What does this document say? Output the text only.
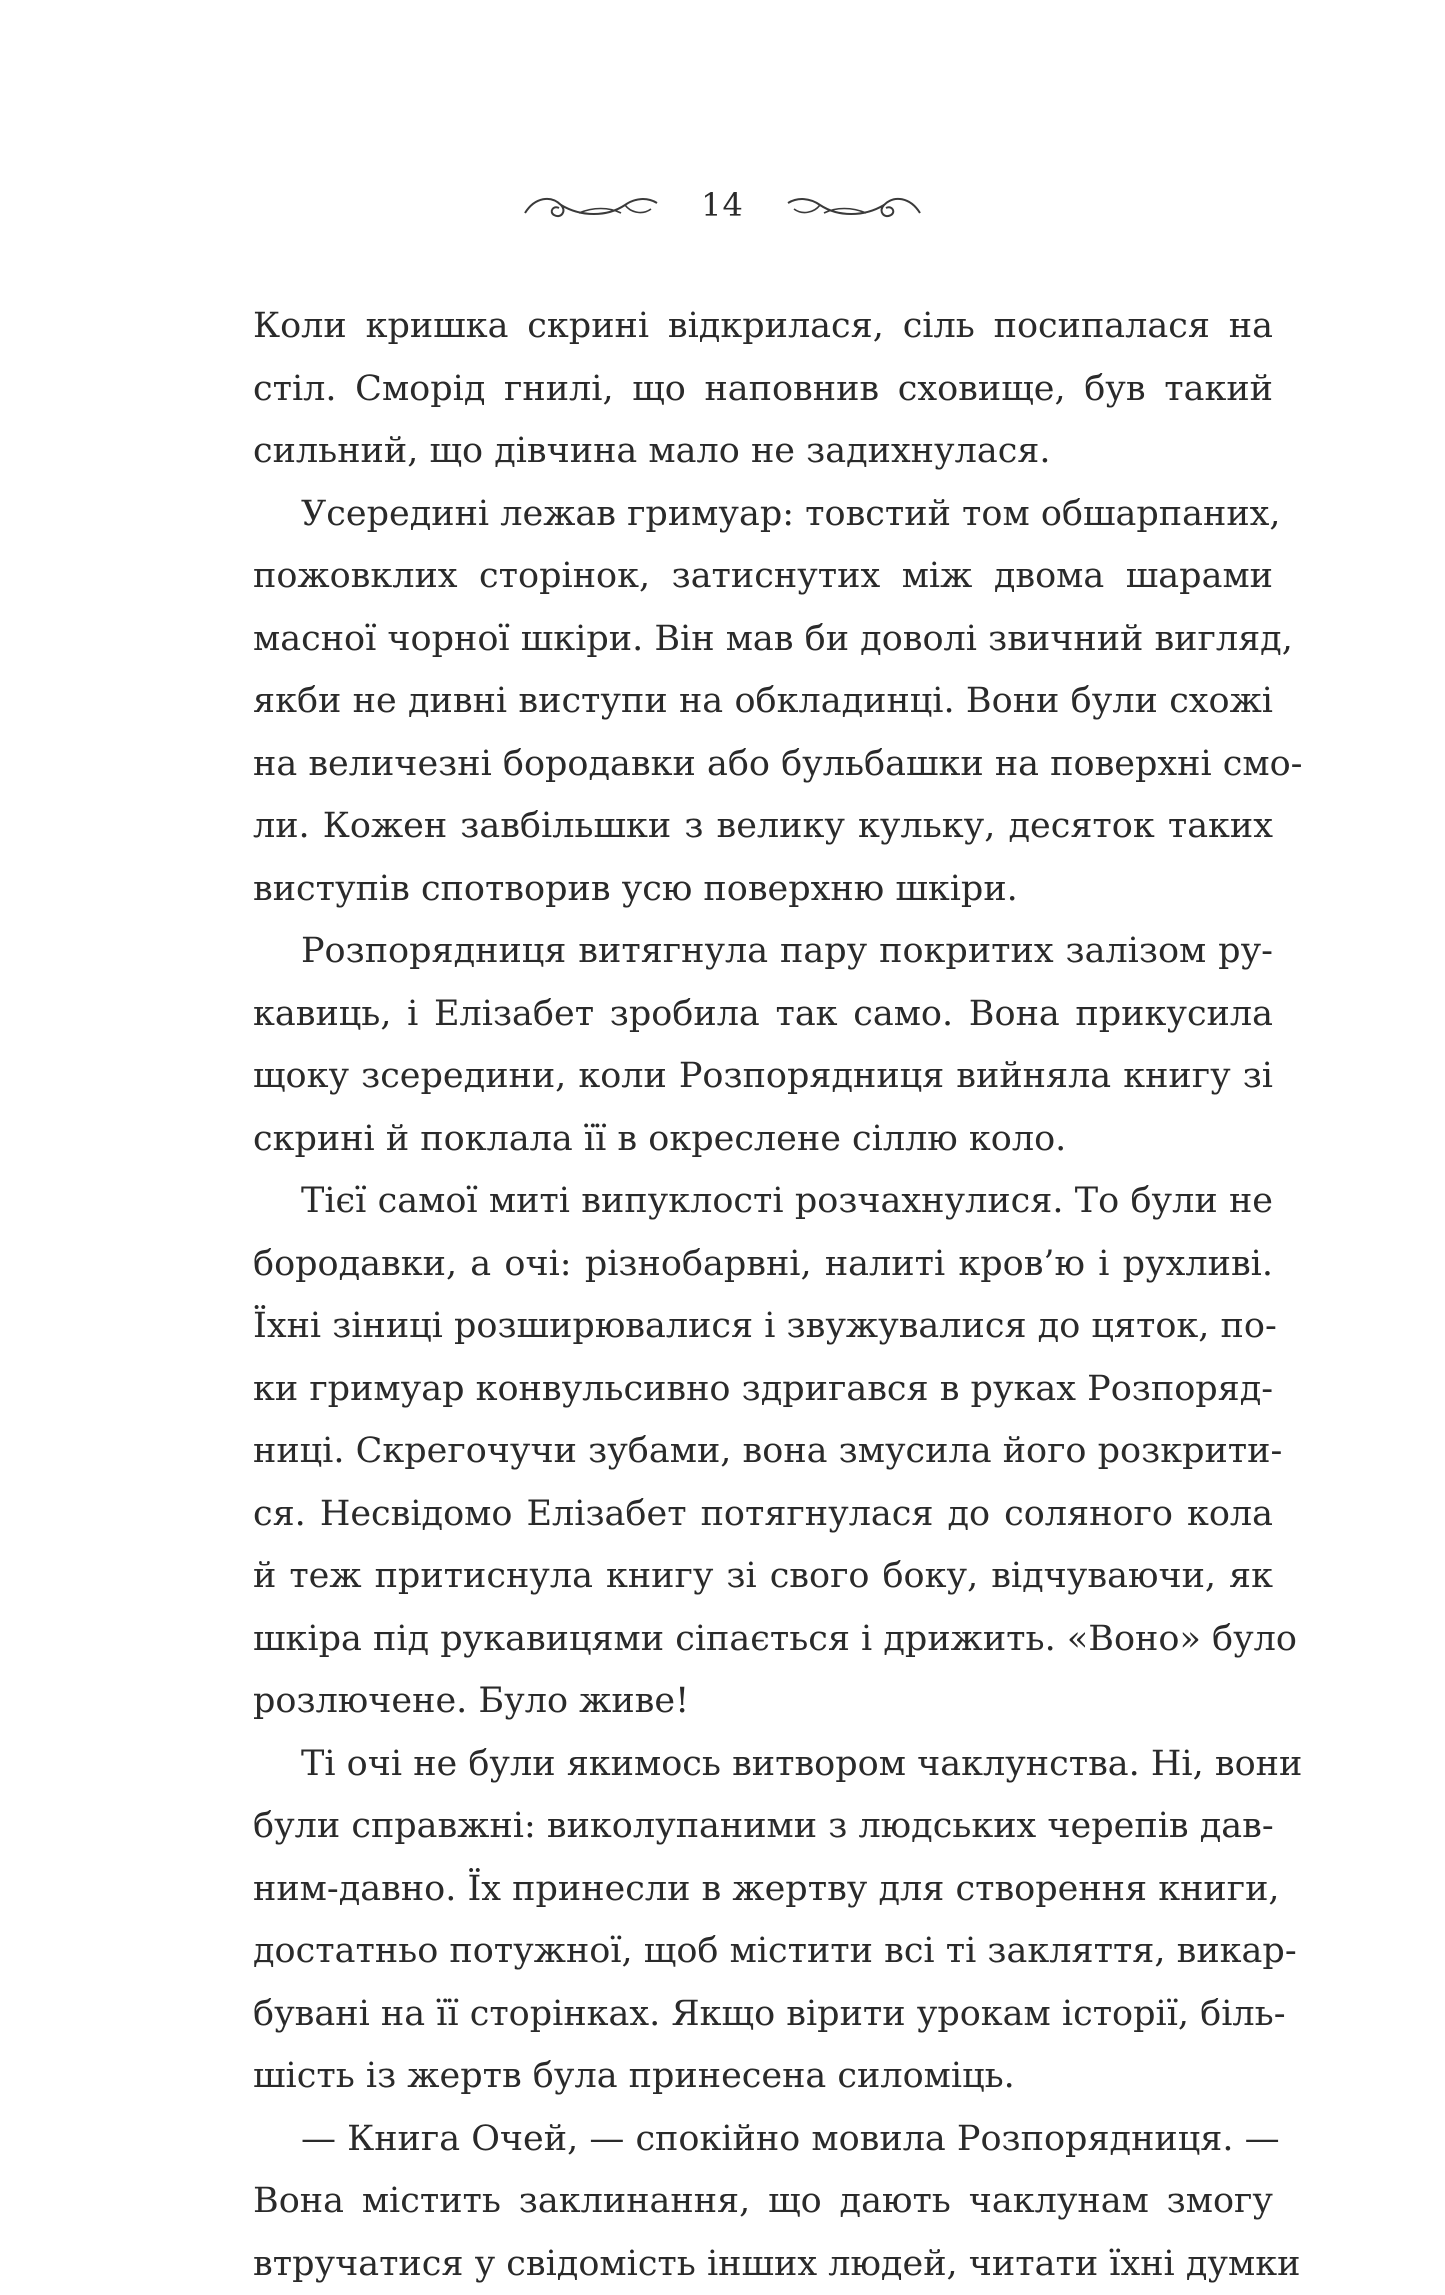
14
Коли кришка скрині відкрилася, сіль посипалася на
стіл. Сморід гнилі, що наповнив сховище, був такий
сильний, що дівчина мало не задихнулася.
Усередині лежав гримуар: товстий том обшарпаних,
пожовклих сторінок, затиснутих між двома шарами
масної чорної шкіри. Він мав би доволі звичний вигляд,
якби не дивні виступи на обкладинці. Вони були схожі
на величезні бородавки або бульбашки на поверхні смо-
ли. Кожен завбільшки з велику кульку, десяток таких
виступів спотворив усю поверхню шкіри.
Розпорядниця витягнула пару покритих залізом ру-
кавиць, і Елізабет зробила так само. Вона прикусила
щоку зсередини, коли Розпорядниця вийняла книгу зі
скрині й поклала її в окреслене сіллю коло.
Тієї самої миті випуклості розчахнулися. То були не
бородавки, а очі: різнобарвні, налиті кров’ю і рухливі.
Їхні зіниці розширювалися і звужувалися до цяток, по-
ки гримуар конвульсивно здригався в руках Розпоряд-
ниці. Скрегочучи зубами, вона змусила його розкрити-
ся. Несвідомо Елізабет потягнулася до соляного кола
й теж притиснула книгу зі свого боку, відчуваючи, як
шкіра під рукавицями сіпається і дрижить. «Воно» було
розлючене. Було живе!
Ті очі не були якимось витвором чаклунства. Ні, вони
були справжні: виколупаними з людських черепів дав-
ним-давно. Їх принесли в жертву для створення книги,
достатньо потужної, щоб містити всі ті закляття, викар-
бувані на її сторінках. Якщо вірити урокам історії, біль-
шість із жертв була принесена силоміць.
— Книга Очей, — спокійно мовила Розпорядниця. —
Вона містить заклинання, що дають чаклунам змогу
втручатися у свідомість інших людей, читати їхні думки
